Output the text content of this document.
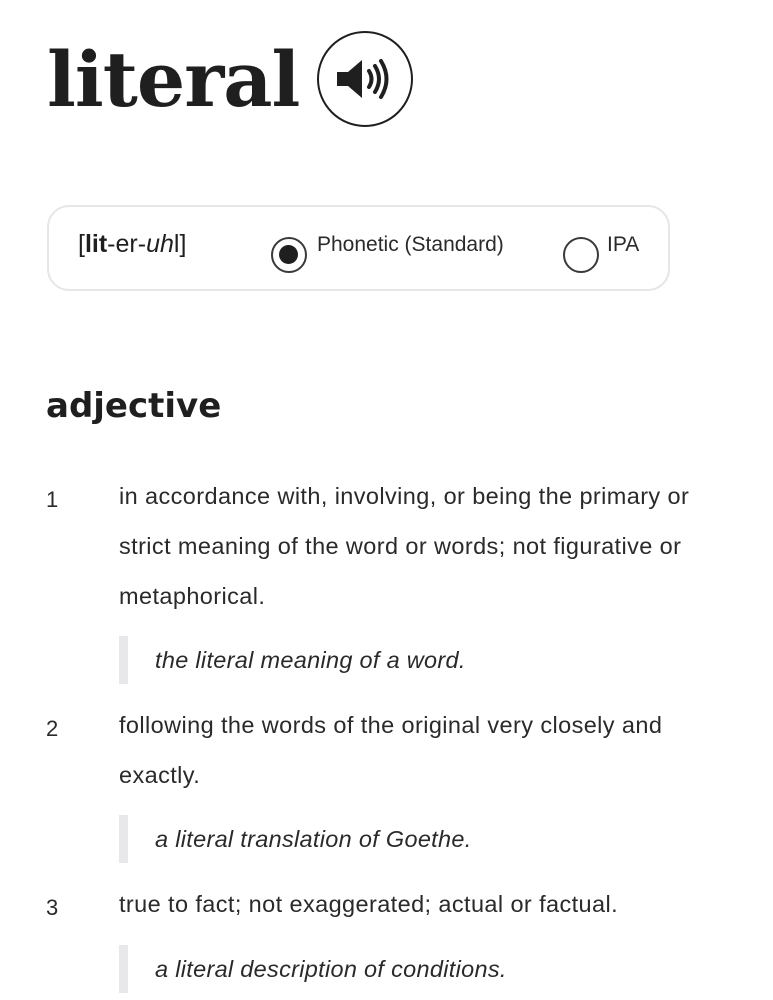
literal
[lit-er-uhl]	Phonetic (Standard)	IPA
adjective
1	in accordance with, involving, or being the primary or strict meaning of the word or words; not figurative or metaphorical.
the literal meaning of a word.
2	following the words of the original very closely and exactly.
a literal translation of Goethe.
3	true to fact; not exaggerated; actual or factual.
a literal description of conditions.
